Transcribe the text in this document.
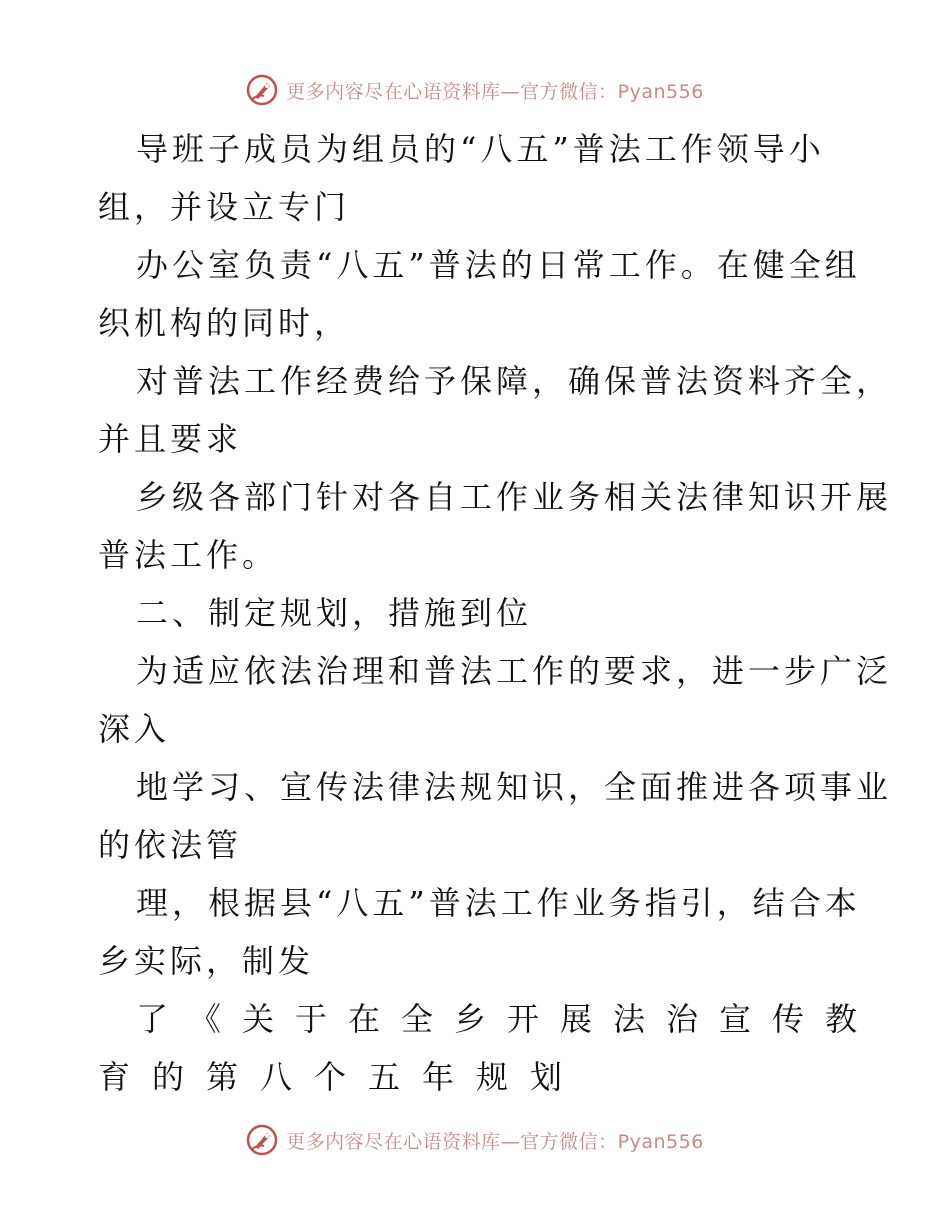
更多内容尽在心语资料库—官方微信：Pyan556
导班子成员为组员的“八五”普法工作领导小
组，并设立专门
办公室负责“八五”普法的日常工作。在健全组
织机构的同时，
对普法工作经费给予保障，确保普法资料齐全，
并且要求
乡级各部门针对各自工作业务相关法律知识开展
普法工作。
二、制定规划，措施到位
为适应依法治理和普法工作的要求，进一步广泛
深入
地学习、宣传法律法规知识，全面推进各项事业
的依法管
理，根据县“八五”普法工作业务指引，结合本
乡实际，制发
了《关于在全乡开展法治宣传教
育的第八个五年规划
更多内容尽在心语资料库—官方微信：Pyan556
